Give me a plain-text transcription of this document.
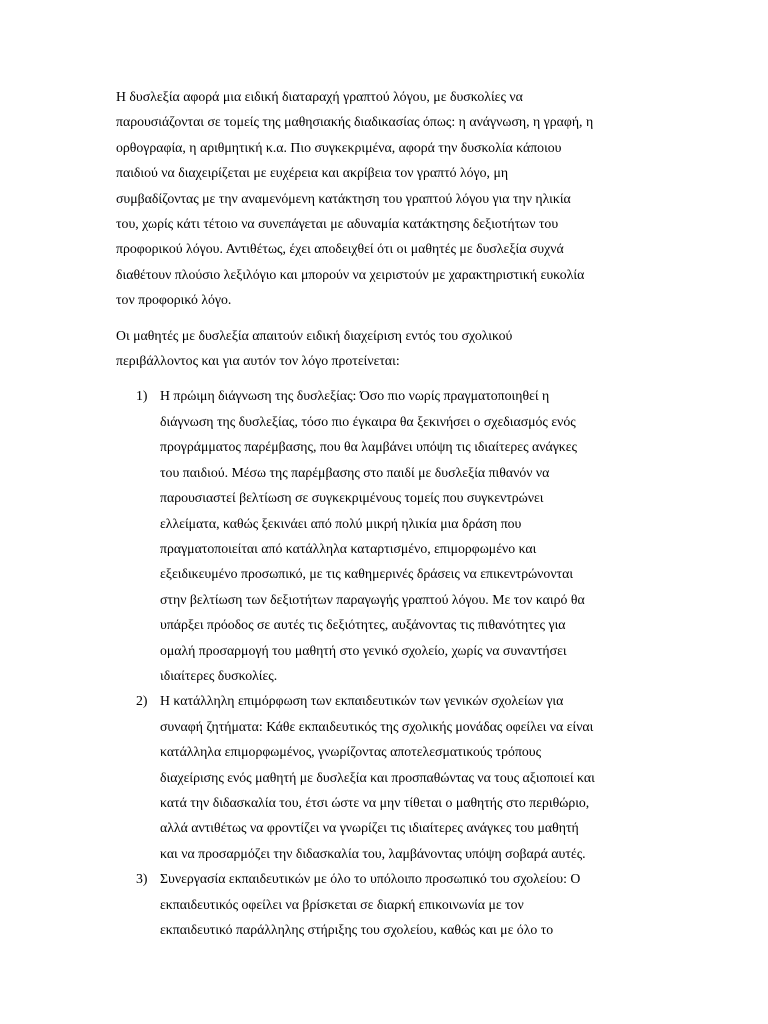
Η δυσλεξία αφορά μια ειδική διαταραχή γραπτού λόγου, με δυσκολίες να
παρουσιάζονται σε τομείς της μαθησιακής διαδικασίας όπως: η ανάγνωση, η γραφή, η
ορθογραφία, η αριθμητική κ.α. Πιο συγκεκριμένα, αφορά την δυσκολία κάποιου
παιδιού να διαχειρίζεται με ευχέρεια και ακρίβεια τον γραπτό λόγο, μη
συμβαδίζοντας με την αναμενόμενη κατάκτηση του γραπτού λόγου για την ηλικία
του, χωρίς κάτι τέτοιο να συνεπάγεται με αδυναμία κατάκτησης δεξιοτήτων του
προφορικού λόγου. Αντιθέτως, έχει αποδειχθεί ότι οι μαθητές με δυσλεξία συχνά
διαθέτουν πλούσιο λεξιλόγιο και μπορούν να χειριστούν με χαρακτηριστική ευκολία
τον προφορικό λόγο.

Οι μαθητές με δυσλεξία απαιτούν ειδική διαχείριση εντός του σχολικού
περιβάλλοντος και για αυτόν τον λόγο προτείνεται:

1) Η πρώιμη διάγνωση της δυσλεξίας: Όσο πιο νωρίς πραγματοποιηθεί η
διάγνωση της δυσλεξίας, τόσο πιο έγκαιρα θα ξεκινήσει ο σχεδιασμός ενός
προγράμματος παρέμβασης, που θα λαμβάνει υπόψη τις ιδιαίτερες ανάγκες
του παιδιού. Μέσω της παρέμβασης στο παιδί με δυσλεξία πιθανόν να
παρουσιαστεί βελτίωση σε συγκεκριμένους τομείς που συγκεντρώνει
ελλείματα, καθώς ξεκινάει από πολύ μικρή ηλικία μια δράση που
πραγματοποιείται από κατάλληλα καταρτισμένο, επιμορφωμένο και
εξειδικευμένο προσωπικό, με τις καθημερινές δράσεις να επικεντρώνονται
στην βελτίωση των δεξιοτήτων παραγωγής γραπτού λόγου. Με τον καιρό θα
υπάρξει πρόοδος σε αυτές τις δεξιότητες, αυξάνοντας τις πιθανότητες για
ομαλή προσαρμογή του μαθητή στο γενικό σχολείο, χωρίς να συναντήσει
ιδιαίτερες δυσκολίες.
2) Η κατάλληλη επιμόρφωση των εκπαιδευτικών των γενικών σχολείων για
συναφή ζητήματα: Κάθε εκπαιδευτικός της σχολικής μονάδας οφείλει να είναι
κατάλληλα επιμορφωμένος, γνωρίζοντας αποτελεσματικούς τρόπους
διαχείρισης ενός μαθητή με δυσλεξία και προσπαθώντας να τους αξιοποιεί και
κατά την διδασκαλία του, έτσι ώστε να μην τίθεται ο μαθητής στο περιθώριο,
αλλά αντιθέτως να φροντίζει να γνωρίζει τις ιδιαίτερες ανάγκες του μαθητή
και να προσαρμόζει την διδασκαλία του, λαμβάνοντας υπόψη σοβαρά αυτές.
3) Συνεργασία εκπαιδευτικών με όλο το υπόλοιπο προσωπικό του σχολείου: Ο
εκπαιδευτικός οφείλει να βρίσκεται σε διαρκή επικοινωνία με τον
εκπαιδευτικό παράλληλης στήριξης του σχολείου, καθώς και με όλο το
